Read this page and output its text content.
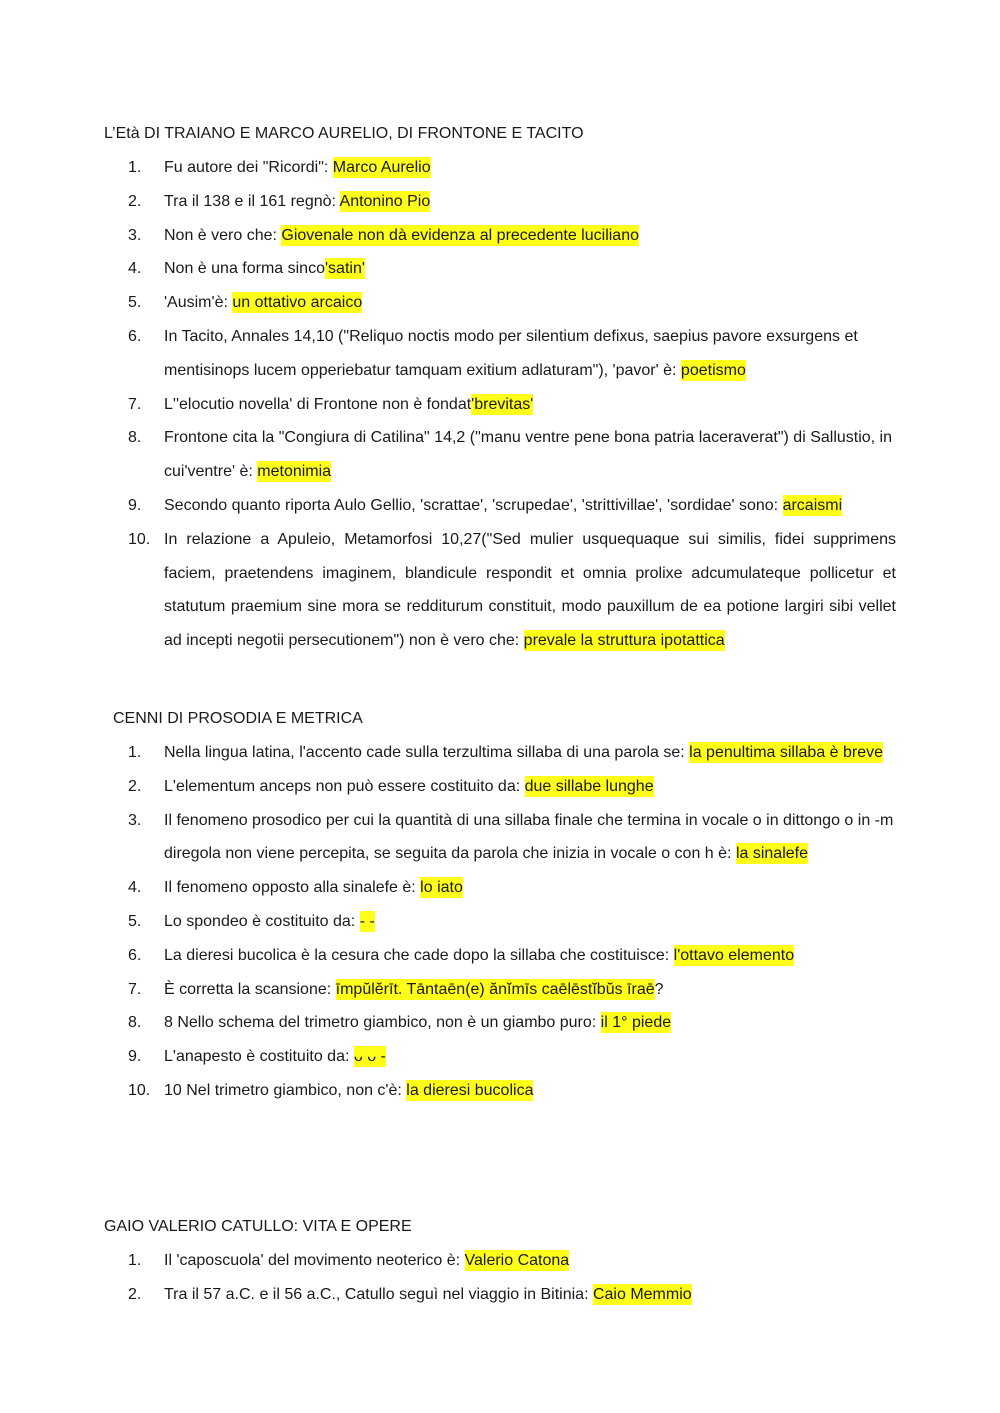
L’Età DI TRAIANO E MARCO AURELIO, DI FRONTONE E TACITO
1.	Fu autore dei "Ricordi": Marco Aurelio
2.	Tra il 138 e il 161 regnò: Antonino Pio
3.	Non è vero che: Giovenale non dà evidenza al precedente luciliano
4.	Non è una forma sinco'satin'
5.	'Ausim'è: un ottativo arcaico
6.	In Tacito, Annales 14,10 ("Reliquo noctis modo per silentium defixus, saepius pavore exsurgens et mentisinops lucem opperiebatur tamquam exitium adlaturam"), 'pavor' è: poetismo
7.	L''elocutio novella' di Frontone non è fondat'brevitas'
8.	Frontone cita la "Congiura di Catilina" 14,2 ("manu ventre pene bona patria laceraverat") di Sallustio, in cui'ventre' è: metonimia
9.	Secondo quanto riporta Aulo Gellio, 'scrattae', 'scrupedae', 'strittivillae', 'sordidae' sono: arcaismi
10. In relazione a Apuleio, Metamorfosi 10,27("Sed mulier usquequaque sui similis, fidei supprimens faciem, praetendens imaginem, blandicule respondit et omnia prolixe adcumulateque pollicetur et statutum praemium sine mora se redditurum constituit, modo pauxillum de ea potione largiri sibi vellet ad incepti negotii persecutionem") non è vero che: prevale la struttura ipotattica
CENNI DI PROSODIA E METRICA
1.	Nella lingua latina, l'accento cade sulla terzultima sillaba di una parola se: la penultima sillaba è breve
2.	L'elementum anceps non può essere costituito da: due sillabe lunghe
3.	Il fenomeno prosodico per cui la quantità di una sillaba finale che termina in vocale o in dittongo o in -m diregola non viene percepita, se seguita da parola che inizia in vocale o con h è: la sinalefe
4.	Il fenomeno opposto alla sinalefe è: lo iato
5.	Lo spondeo è costituito da: - -
6.	La dieresi bucolica è la cesura che cade dopo la sillaba che costituisce: l'ottavo elemento
7.	È corretta la scansione: īmpŭlĕrīt. Tāntaēn(e) ănĭmīs caēlēstĭbŭs īraē?
8.	8 Nello schema del trimetro giambico, non è un giambo puro: il 1° piede
9.	L'anapesto è costituito da: ᴗ ᴗ -
10. 10 Nel trimetro giambico, non c'è: la dieresi bucolica
GAIO VALERIO CATULLO: VITA E OPERE
1.	Il 'caposcuola' del movimento neoterico è: Valerio Catona
2.	Tra il 57 a.C. e il 56 a.C., Catullo seguì nel viaggio in Bitinia: Caio Memmio
